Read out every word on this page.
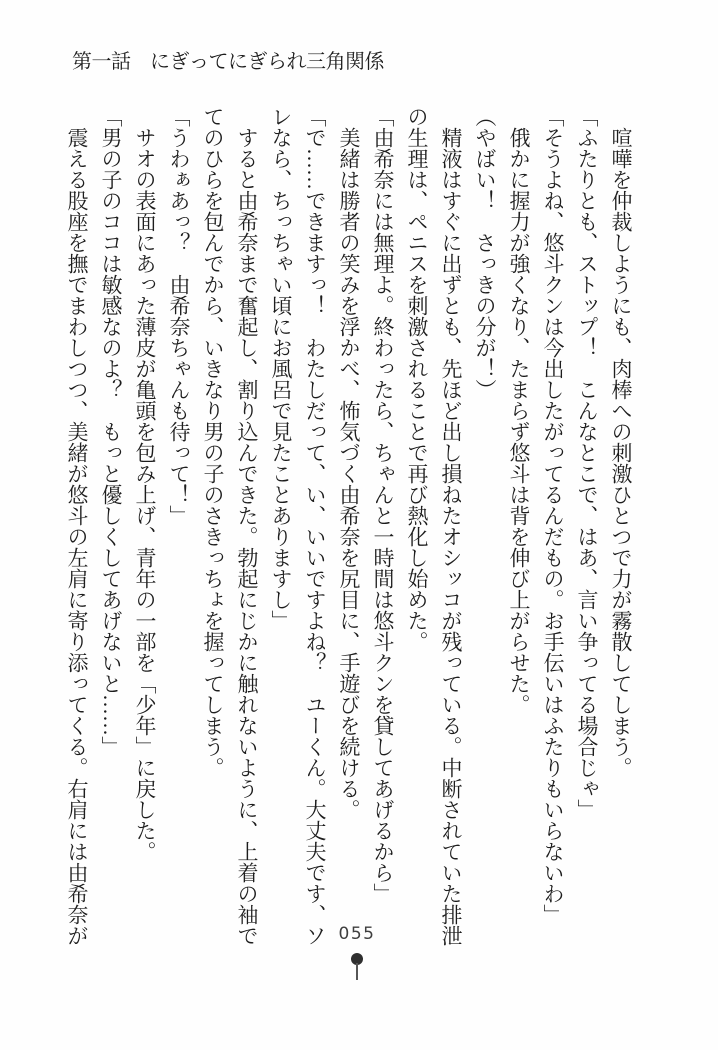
第一話　にぎってにぎられ三角関係

喧嘩を仲裁しようにも、肉棒への刺激ひとつで力が霧散してしまう。

「ふたりとも、ストップ！　こんなとこで、はあ、言い争ってる場合じゃ」

「そうよね、悠斗クンは今出したがってるんだもの。お手伝いはふたりもいらないわ」

俄かに握力が強くなり、たまらず悠斗は背を伸び上がらせた。

（やばい！　さっきの分が！）

精液はすぐに出ずとも、先ほど出し損ねたオシッコが残っている。中断されていた排泄の生理は、ペニスを刺激されることで再び熱化し始めた。

「由希奈には無理よ。終わったら、ちゃんと一時間は悠斗クンを貸してあげるから」

美緒は勝者の笑みを浮かべ、怖気づく由希奈を尻目に、手遊びを続ける。

「で……できますっ！　わたしだって、い、いいですよね？　ユーくん。大丈夫です、ソレなら、ちっちゃい頃にお風呂で見たことありますし」

すると由希奈まで奮起し、割り込んできた。勃起にじかに触れないように、上着の袖でてのひらを包んでから、いきなり男の子のさきっちょを握ってしまう。

「うわぁあっ？　由希奈ちゃんも待って！」

サオの表面にあった薄皮が亀頭を包み上げ、青年の一部を「少年」に戻した。

「男の子のココは敏感なのよ？　もっと優しくしてあげないと……」

震える股座を撫でまわしつつ、美緒が悠斗の左肩に寄り添ってくる。右肩には由希奈が	055
